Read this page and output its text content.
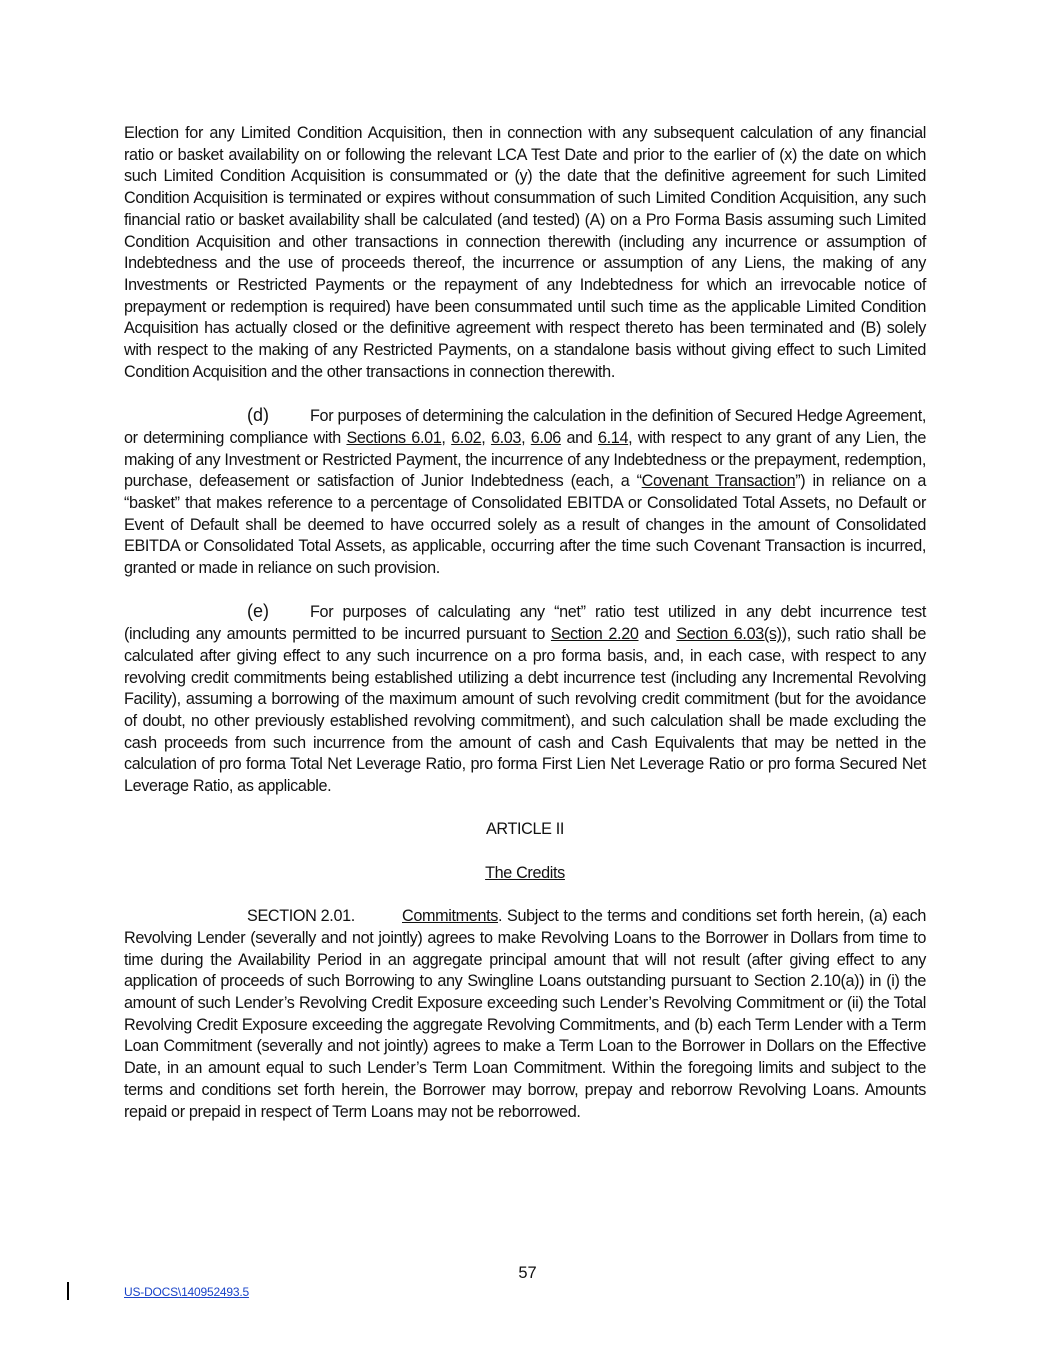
Election for any Limited Condition Acquisition, then in connection with any subsequent calculation of any financial ratio or basket availability on or following the relevant LCA Test Date and prior to the earlier of (x) the date on which such Limited Condition Acquisition is consummated or (y) the date that the definitive agreement for such Limited Condition Acquisition is terminated or expires without consummation of such Limited Condition Acquisition, any such financial ratio or basket availability shall be calculated (and tested) (A) on a Pro Forma Basis assuming such Limited Condition Acquisition and other transactions in connection therewith (including any incurrence or assumption of Indebtedness and the use of proceeds thereof, the incurrence or assumption of any Liens, the making of any Investments or Restricted Payments or the repayment of any Indebtedness for which an irrevocable notice of prepayment or redemption is required) have been consummated until such time as the applicable Limited Condition Acquisition has actually closed or the definitive agreement with respect thereto has been terminated and (B) solely with respect to the making of any Restricted Payments, on a standalone basis without giving effect to such Limited Condition Acquisition and the other transactions in connection therewith.

(d)	For purposes of determining the calculation in the definition of Secured Hedge Agreement, or determining compliance with Sections 6.01, 6.02, 6.03, 6.06 and 6.14, with respect to any grant of any Lien, the making of any Investment or Restricted Payment, the incurrence of any Indebtedness or the prepayment, redemption, purchase, defeasement or satisfaction of Junior Indebtedness (each, a “Covenant Transaction”) in reliance on a “basket” that makes reference to a percentage of Consolidated EBITDA or Consolidated Total Assets, no Default or Event of Default shall be deemed to have occurred solely as a result of changes in the amount of Consolidated EBITDA or Consolidated Total Assets, as applicable, occurring after the time such Covenant Transaction is incurred, granted or made in reliance on such provision.

(e)	For purposes of calculating any “net” ratio test utilized in any debt incurrence test (including any amounts permitted to be incurred pursuant to Section 2.20 and Section 6.03(s)), such ratio shall be calculated after giving effect to any such incurrence on a pro forma basis, and, in each case, with respect to any revolving credit commitments being established utilizing a debt incurrence test (including any Incremental Revolving Facility), assuming a borrowing of the maximum amount of such revolving credit commitment (but for the avoidance of doubt, no other previously established revolving commitment), and such calculation shall be made excluding the cash proceeds from such incurrence from the amount of cash and Cash Equivalents that may be netted in the calculation of pro forma Total Net Leverage Ratio, pro forma First Lien Net Leverage Ratio or pro forma Secured Net Leverage Ratio, as applicable.

ARTICLE II

The Credits

SECTION 2.01.	Commitments. Subject to the terms and conditions set forth herein, (a) each Revolving Lender (severally and not jointly) agrees to make Revolving Loans to the Borrower in Dollars from time to time during the Availability Period in an aggregate principal amount that will not result (after giving effect to any application of proceeds of such Borrowing to any Swingline Loans outstanding pursuant to Section 2.10(a)) in (i) the amount of such Lender’s Revolving Credit Exposure exceeding such Lender’s Revolving Commitment or (ii) the Total Revolving Credit Exposure exceeding the aggregate Revolving Commitments, and (b) each Term Lender with a Term Loan Commitment (severally and not jointly) agrees to make a Term Loan to the Borrower in Dollars on the Effective Date, in an amount equal to such Lender’s Term Loan Commitment. Within the foregoing limits and subject to the terms and conditions set forth herein, the Borrower may borrow, prepay and reborrow Revolving Loans. Amounts repaid or prepaid in respect of Term Loans may not be reborrowed.

57
US-DOCS\140952493.5
